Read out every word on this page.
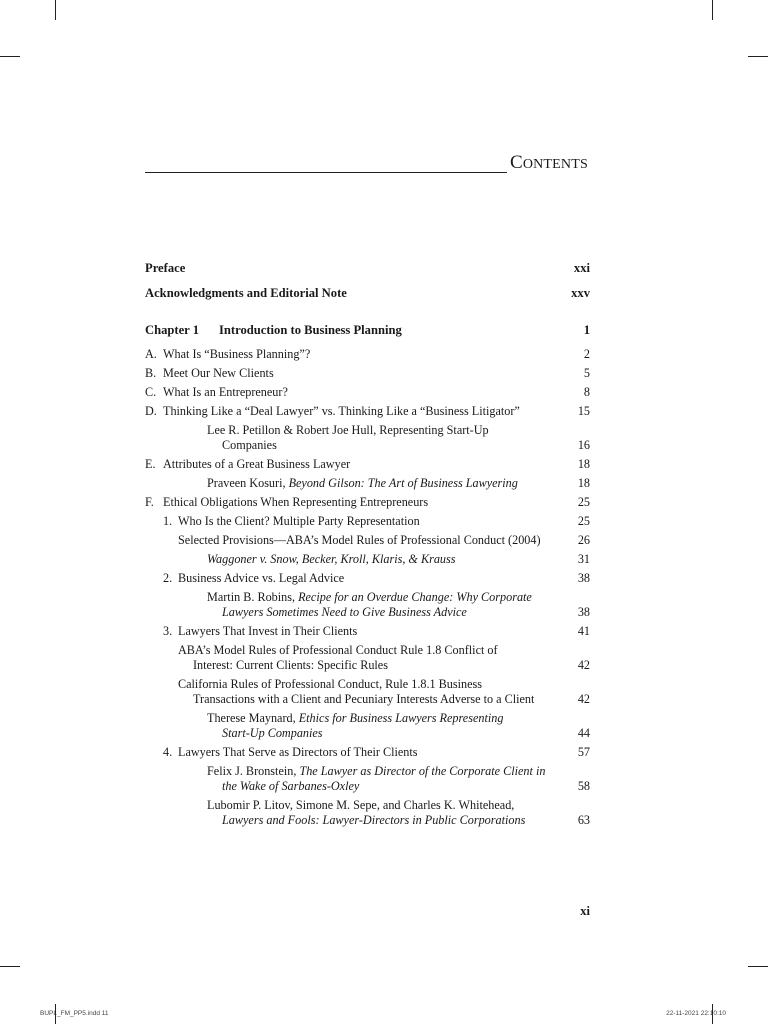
CONTENTS
Preface	xxi
Acknowledgments and Editorial Note	xxv
Chapter 1 Introduction to Business Planning	1
A. What Is “Business Planning”?	2
B. Meet Our New Clients	5
C. What Is an Entrepreneur?	8
D. Thinking Like a “Deal Lawyer” vs. Thinking Like a “Business Litigator”	15
Lee R. Petillon & Robert Joe Hull, Representing Start-Up
Companies	16
E. Attributes of a Great Business Lawyer	18
Praveen Kosuri, Beyond Gilson: The Art of Business Lawyering	18
F. Ethical Obligations When Representing Entrepreneurs	25
1. Who Is the Client? Multiple Party Representation	25
Selected Provisions—ABA’s Model Rules of Professional Conduct (2004)	26
Waggoner v. Snow, Becker, Kroll, Klaris, & Krauss	31
2. Business Advice vs. Legal Advice	38
Martin B. Robins, Recipe for an Overdue Change: Why Corporate
Lawyers Sometimes Need to Give Business Advice	38
3. Lawyers That Invest in Their Clients	41
ABA’s Model Rules of Professional Conduct Rule 1.8 Conflict of
Interest: Current Clients: Specific Rules	42
California Rules of Professional Conduct, Rule 1.8.1 Business
Transactions with a Client and Pecuniary Interests Adverse to a Client	42
Therese Maynard, Ethics for Business Lawyers Representing
Start-Up Companies	44
4. Lawyers That Serve as Directors of Their Clients	57
Felix J. Bronstein, The Lawyer as Director of the Corporate Client in
the Wake of Sarbanes-Oxley	58
Lubomir P. Litov, Simone M. Sepe, and Charles K. Whitehead,
Lawyers and Fools: Lawyer-Directors in Public Corporations	63
xi
BUPL_FM_PP5.indd 11	22-11-2021 22:10:10
